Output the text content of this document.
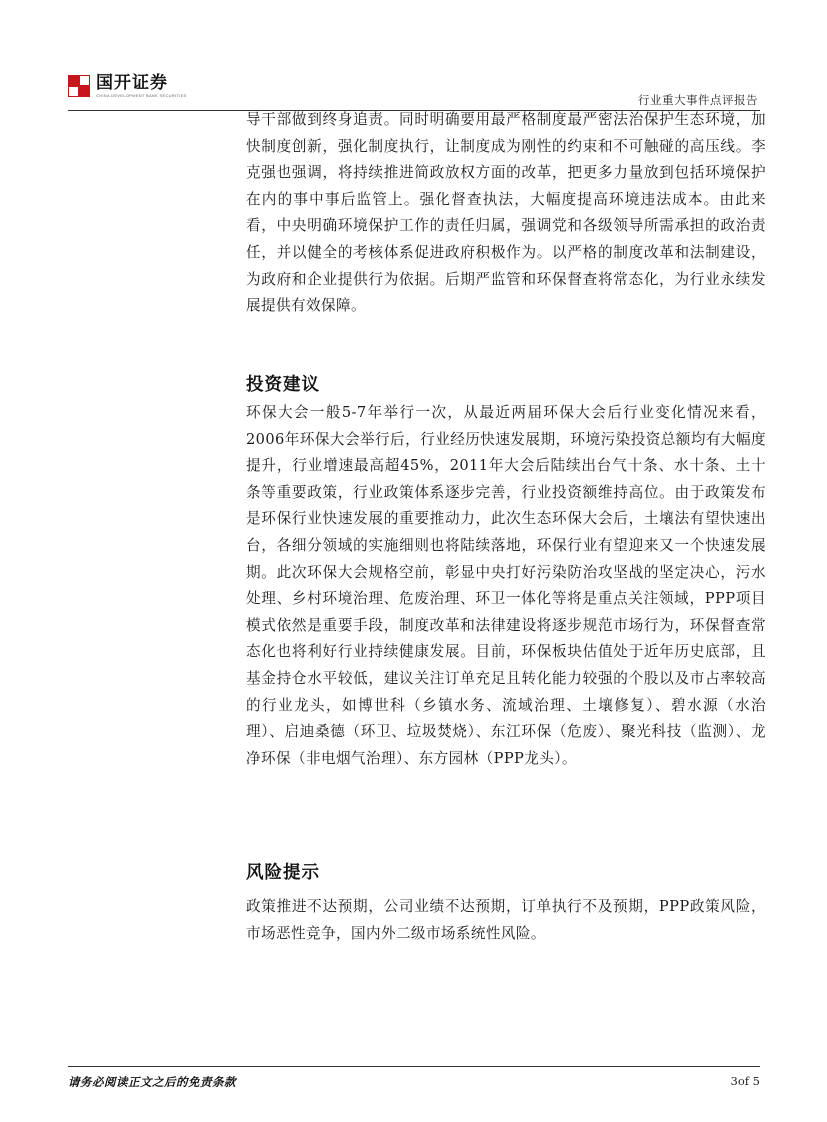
国开证券
CHINA DEVELOPMENT BANK SECURITIES	行业重大事件点评报告

导干部做到终身追责。同时明确要用最严格制度最严密法治保护生态环境，加快制度创新，强化制度执行，让制度成为刚性的约束和不可触碰的高压线。李克强也强调，将持续推进简政放权方面的改革，把更多力量放到包括环境保护在内的事中事后监管上。强化督查执法，大幅度提高环境违法成本。由此来看，中央明确环境保护工作的责任归属，强调党和各级领导所需承担的政治责任，并以健全的考核体系促进政府积极作为。以严格的制度改革和法制建设，为政府和企业提供行为依据。后期严监管和环保督查将常态化，为行业永续发展提供有效保障。

投资建议

环保大会一般5-7年举行一次，从最近两届环保大会后行业变化情况来看，2006年环保大会举行后，行业经历快速发展期，环境污染投资总额均有大幅度提升，行业增速最高超45%，2011年大会后陆续出台气十条、水十条、土十条等重要政策，行业政策体系逐步完善，行业投资额维持高位。由于政策发布是环保行业快速发展的重要推动力，此次生态环保大会后，土壤法有望快速出台，各细分领域的实施细则也将陆续落地，环保行业有望迎来又一个快速发展期。此次环保大会规格空前，彰显中央打好污染防治攻坚战的坚定决心，污水处理、乡村环境治理、危废治理、环卫一体化等将是重点关注领域，PPP项目模式依然是重要手段，制度改革和法律建设将逐步规范市场行为，环保督查常态化也将利好行业持续健康发展。目前，环保板块估值处于近年历史底部，且基金持仓水平较低，建议关注订单充足且转化能力较强的个股以及市占率较高的行业龙头，如博世科（乡镇水务、流域治理、土壤修复）、碧水源（水治理）、启迪桑德（环卫、垃圾焚烧）、东江环保（危废）、聚光科技（监测）、龙净环保（非电烟气治理）、东方园林（PPP龙头）。

风险提示

政策推进不达预期，公司业绩不达预期，订单执行不及预期，PPP政策风险，市场恶性竞争，国内外二级市场系统性风险。

请务必阅读正文之后的免责条款	3of 5
